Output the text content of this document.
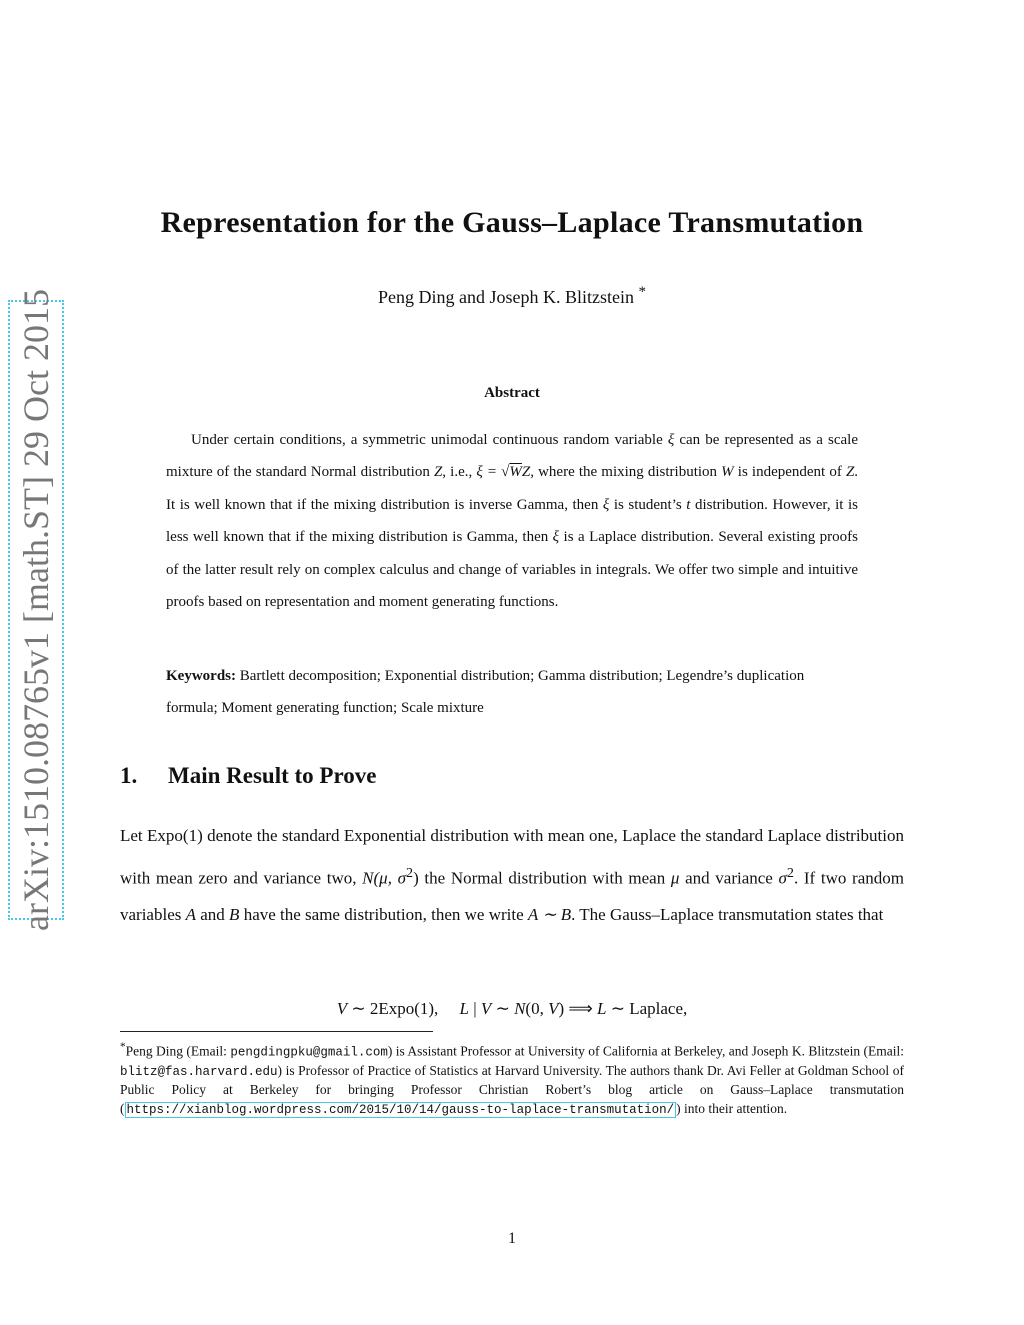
arXiv:1510.08765v1 [math.ST] 29 Oct 2015
Representation for the Gauss–Laplace Transmutation
Peng Ding and Joseph K. Blitzstein *
Abstract

Under certain conditions, a symmetric unimodal continuous random variable ξ can be represented as a scale mixture of the standard Normal distribution Z, i.e., ξ = √WZ, where the mixing distribution W is independent of Z. It is well known that if the mixing distribution is inverse Gamma, then ξ is student’s t distribution. However, it is less well known that if the mixing distribution is Gamma, then ξ is a Laplace distribution. Several existing proofs of the latter result rely on complex calculus and change of variables in integrals. We offer two simple and intuitive proofs based on representation and moment generating functions.

Keywords: Bartlett decomposition; Exponential distribution; Gamma distribution; Legendre’s duplication formula; Moment generating function; Scale mixture
1. Main Result to Prove

Let Expo(1) denote the standard Exponential distribution with mean one, Laplace the standard Laplace distribution with mean zero and variance two, N(μ, $\sigma^2$) the Normal distribution with mean μ and variance $\sigma^2$. If two random variables A and B have the same distribution, then we write A ∼ B. The Gauss–Laplace transmutation states that

V ∼ 2Expo(1),     L | V ∼ N(0, V) ⟹ L ∼ Laplace,
*Peng Ding (Email: pengdingpku@gmail.com) is Assistant Professor at University of California at Berkeley, and Joseph K. Blitzstein (Email: blitz@fas.harvard.edu) is Professor of Practice of Statistics at Harvard University. The authors thank Dr. Avi Feller at Goldman School of Public Policy at Berkeley for bringing Professor Christian Robert’s blog article on Gauss–Laplace transmutation ( https://xianblog.wordpress.com/2015/10/14/gauss-to-laplace-transmutation/ ) into their attention.
1
